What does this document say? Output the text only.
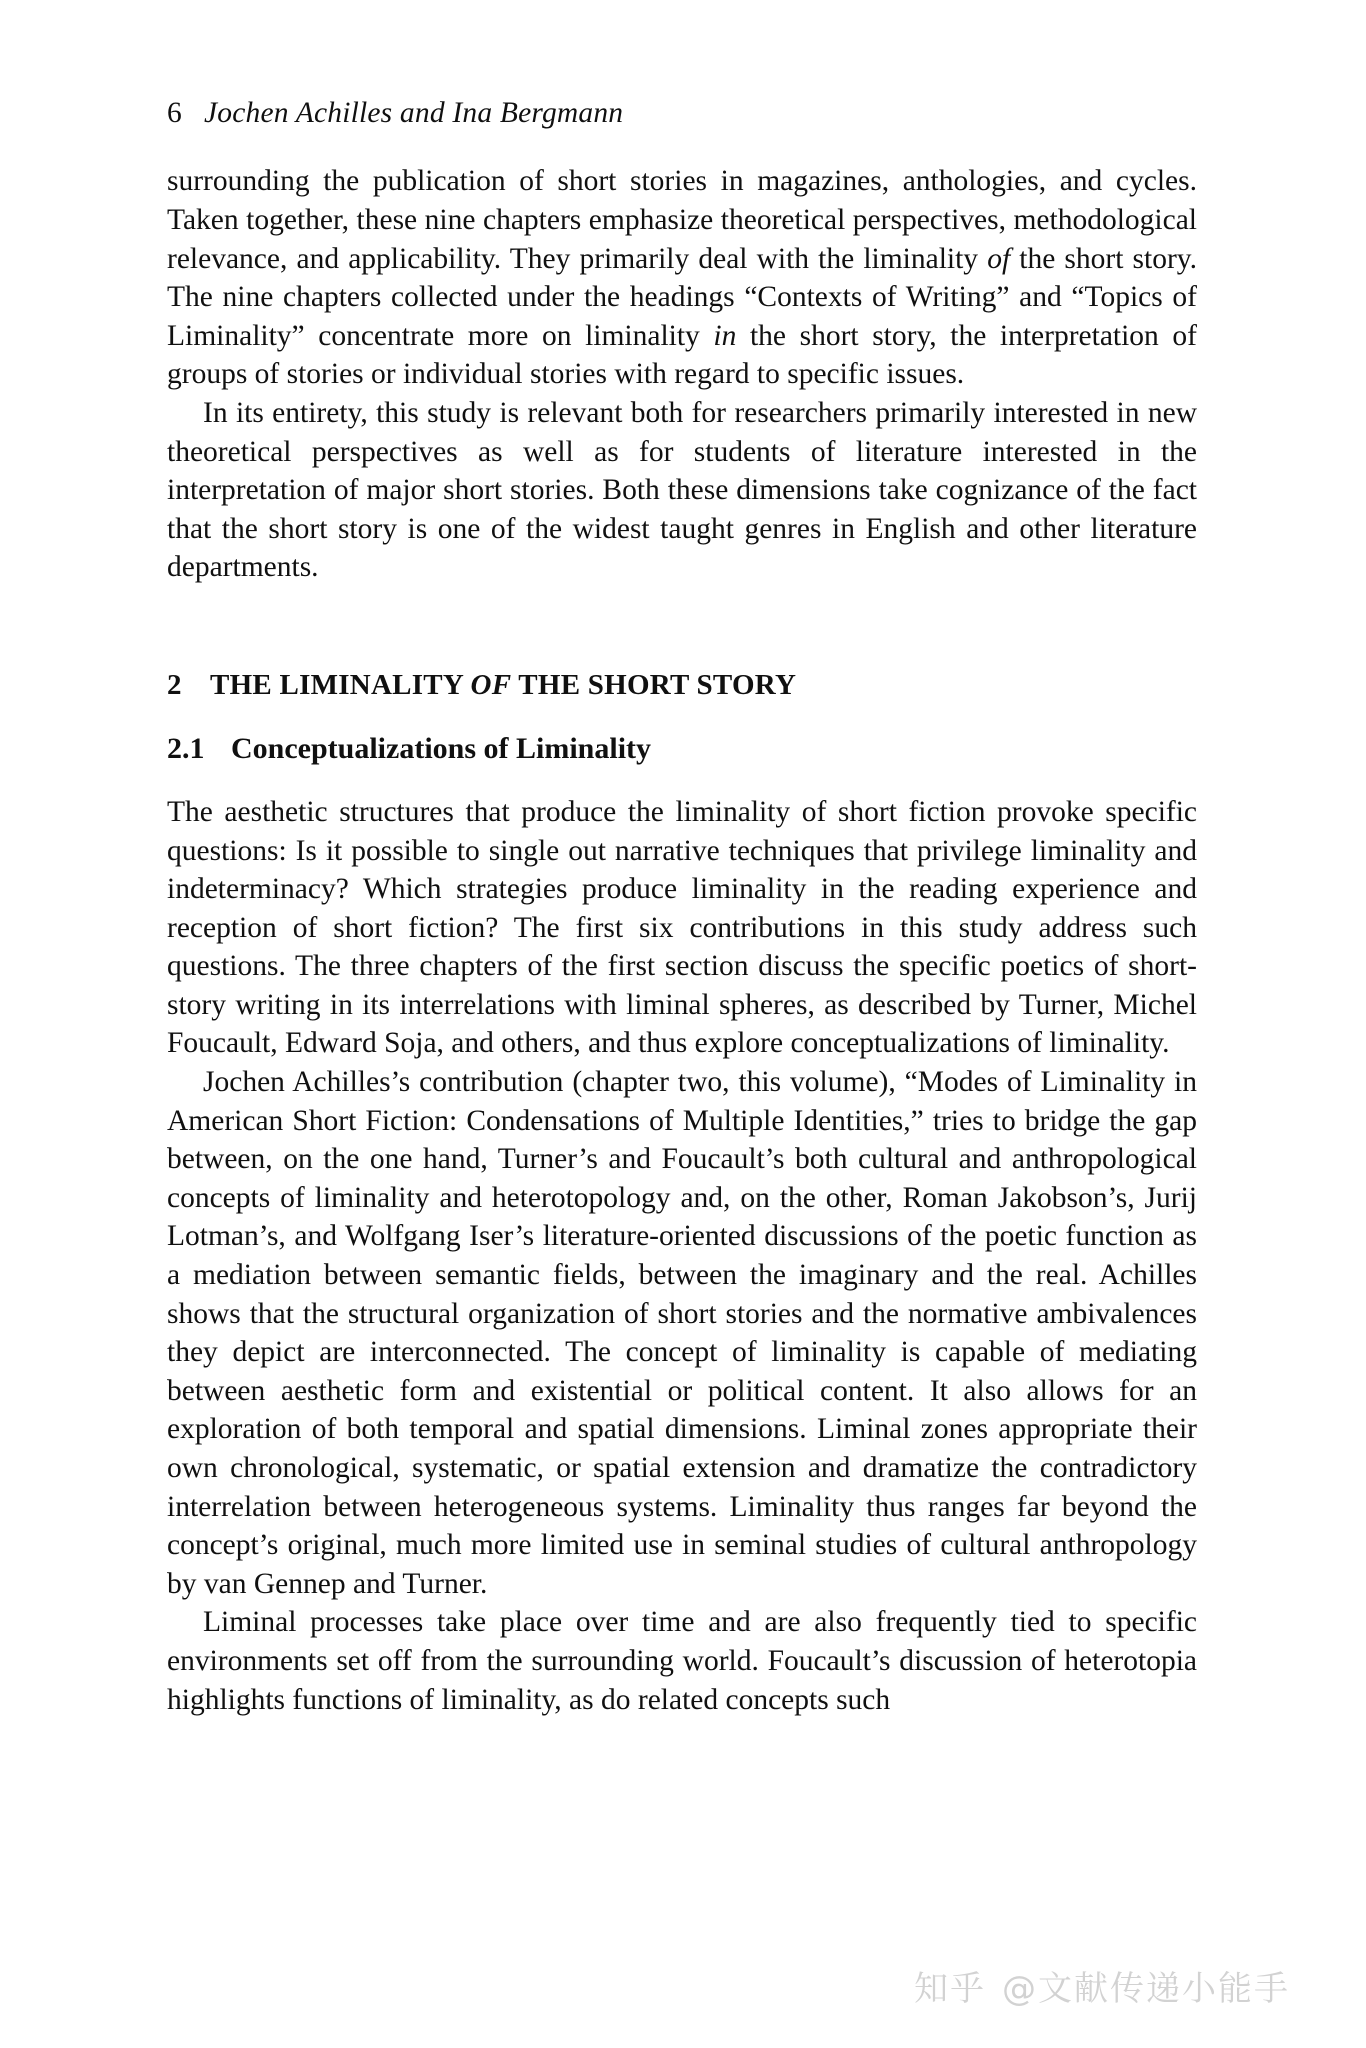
6 Jochen Achilles and Ina Bergmann

surrounding the publication of short stories in magazines, anthologies, and cycles. Taken together, these nine chapters emphasize theoretical perspectives, methodological relevance, and applicability. They primarily deal with the liminality of the short story. The nine chapters collected under the headings “Contexts of Writing” and “Topics of Liminality” concentrate more on liminality in the short story, the interpretation of groups of stories or individual stories with regard to specific issues.

In its entirety, this study is relevant both for researchers primarily interested in new theoretical perspectives as well as for students of literature interested in the interpretation of major short stories. Both these dimensions take cognizance of the fact that the short story is one of the widest taught genres in English and other literature departments.

2 THE LIMINALITY OF THE SHORT STORY
2.1 Conceptualizations of Liminality

The aesthetic structures that produce the liminality of short fiction provoke specific questions: Is it possible to single out narrative techniques that privilege liminality and indeterminacy? Which strategies produce liminality in the reading experience and reception of short fiction? The first six contributions in this study address such questions. The three chapters of the first section discuss the specific poetics of short-story writing in its interrelations with liminal spheres, as described by Turner, Michel Foucault, Edward Soja, and others, and thus explore conceptualizations of liminality.

Jochen Achilles’s contribution (chapter two, this volume), “Modes of Liminality in American Short Fiction: Condensations of Multiple Identities,” tries to bridge the gap between, on the one hand, Turner’s and Foucault’s both cultural and anthropological concepts of liminality and heterotopology and, on the other, Roman Jakobson’s, Jurij Lotman’s, and Wolfgang Iser’s literature-oriented discussions of the poetic function as a mediation between semantic fields, between the imaginary and the real. Achilles shows that the structural organization of short stories and the normative ambivalences they depict are interconnected. The concept of liminality is capable of mediating between aesthetic form and existential or political content. It also allows for an exploration of both temporal and spatial dimensions. Liminal zones appropriate their own chronological, systematic, or spatial extension and dramatize the contradictory interrelation between heterogeneous systems. Liminality thus ranges far beyond the concept’s original, much more limited use in seminal studies of cultural anthropology by van Gennep and Turner.

Liminal processes take place over time and are also frequently tied to specific environments set off from the surrounding world. Foucault’s discussion of heterotopia highlights functions of liminality, as do related concepts such

知乎 @文献传递小能手
